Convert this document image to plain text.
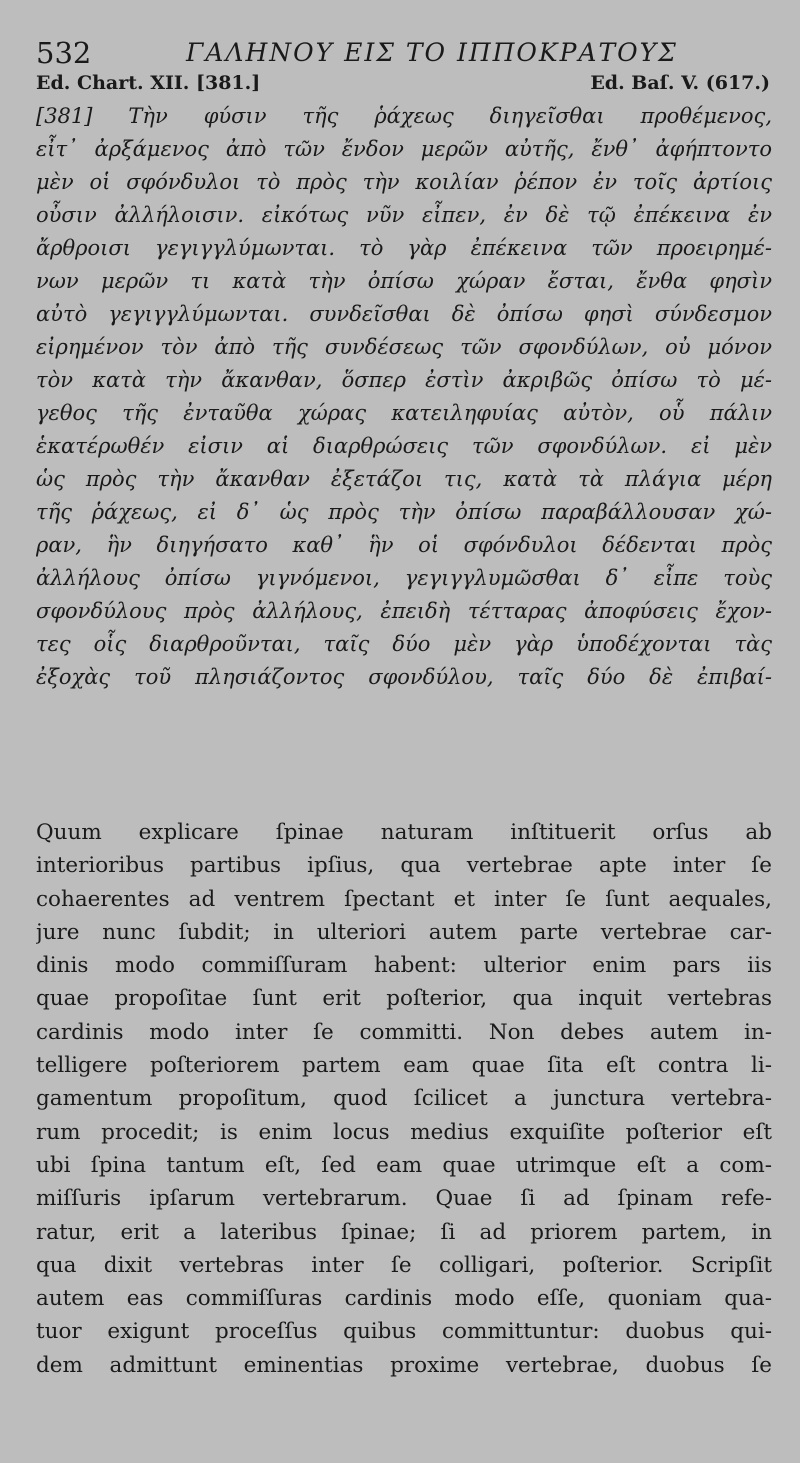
532	ΓΑΛΗΝΟΥ ΕΙΣ ΤΟ ΙΠΠΟΚΡΑΤΟΥΣ
Ed. Chart. XII. [381.]	Ed. Baſ. V. (617.)
[381] Τὴν φύσιν τῆς ῥάχεως διηγεῖσθαι προθέμενος,
εἶτ᾽ ἀρξάμενος ἀπὸ τῶν ἔνδον μερῶν αὐτῆς, ἔνθ᾽ ἀφήπτοντο
μὲν οἱ σφόνδυλοι τὸ πρὸς τὴν κοιλίαν ῥέπον ἐν τοῖς ἀρτίοις
οὖσιν ἀλλήλοισιν. εἰκότως νῦν εἶπεν, ἐν δὲ τῷ ἐπέκεινα ἐν
ἄρθροισι γεγιγγλύμωνται. τὸ γὰρ ἐπέκεινα τῶν προειρημέ-
νων μερῶν τι κατὰ τὴν ὀπίσω χώραν ἔσται, ἔνθα φησὶν
αὐτὸ γεγιγγλύμωνται. συνδεῖσθαι δὲ ὀπίσω φησὶ σύνδεσμον
εἰρημένον τὸν ἀπὸ τῆς συνδέσεως τῶν σφονδύλων, οὐ μόνον
τὸν κατὰ τὴν ἄκανθαν, ὅσπερ ἐστὶν ἀκριβῶς ὀπίσω τὸ μέ-
γεθος τῆς ἐνταῦθα χώρας κατειληφυίας αὐτὸν, οὗ πάλιν
ἑκατέρωθέν εἰσιν αἱ διαρθρώσεις τῶν σφονδύλων. εἰ μὲν
ὡς πρὸς τὴν ἄκανθαν ἐξετάζοι τις, κατὰ τὰ πλάγια μέρη
τῆς ῥάχεως, εἰ δ᾽ ὡς πρὸς τὴν ὀπίσω παραβάλλουσαν χώ-
ραν, ἣν διηγήσατο καθ᾽ ἣν οἱ σφόνδυλοι δέδενται πρὸς
ἀλλήλους ὀπίσω γιγνόμενοι, γεγιγγλυμῶσθαι δ᾽ εἶπε τοὺς
σφονδύλους πρὸς ἀλλήλους, ἐπειδὴ τέτταρας ἀποφύσεις ἔχον-
τες οἷς διαρθροῦνται, ταῖς δύο μὲν γὰρ ὑποδέχονται τὰς
ἐξοχὰς τοῦ πλησιάζοντος σφονδύλου, ταῖς δύο δὲ ἐπιβαί-
Quum explicare ſpinae naturam inſtituerit orſus ab
interioribus partibus ipſius, qua vertebrae apte inter ſe
cohaerentes ad ventrem ſpectant et inter ſe ſunt aequales,
jure nunc ſubdit; in ulteriori autem parte vertebrae car-
dinis modo commiſſuram habent: ulterior enim pars iis
quae propoſitae ſunt erit poſterior, qua inquit vertebras
cardinis modo inter ſe committi. Non debes autem in-
telligere poſteriorem partem eam quae ſita eſt contra li-
gamentum propoſitum, quod ſcilicet a junctura vertebra-
rum procedit; is enim locus medius exquiſite poſterior eſt
ubi ſpina tantum eſt, ſed eam quae utrimque eſt a com-
miſſuris ipſarum vertebrarum. Quae ſi ad ſpinam refe-
ratur, erit a lateribus ſpinae; ſi ad priorem partem, in
qua dixit vertebras inter ſe colligari, poſterior. Scripſit
autem eas commiſſuras cardinis modo eſſe, quoniam qua-
tuor exigunt proceſſus quibus committuntur: duobus qui-
dem admittunt eminentias proxime vertebrae, duobus ſe
